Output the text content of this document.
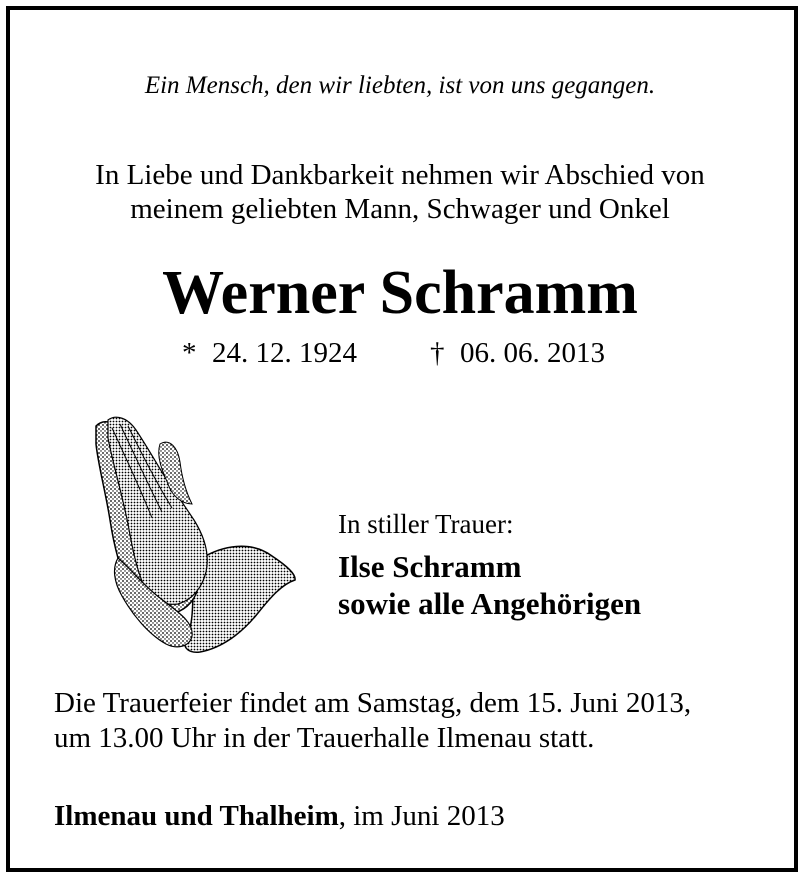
Ein Mensch, den wir liebten, ist von uns gegangen.
In Liebe und Dankbarkeit nehmen wir Abschied von
meinem geliebten Mann, Schwager und Onkel
Werner Schramm
* 24. 12. 1924	† 06. 06. 2013
In stiller Trauer:
Ilse Schramm
sowie alle Angehörigen
Die Trauerfeier findet am Samstag, dem 15. Juni 2013,
um 13.00 Uhr in der Trauerhalle Ilmenau statt.
Ilmenau und Thalheim, im Juni 2013
